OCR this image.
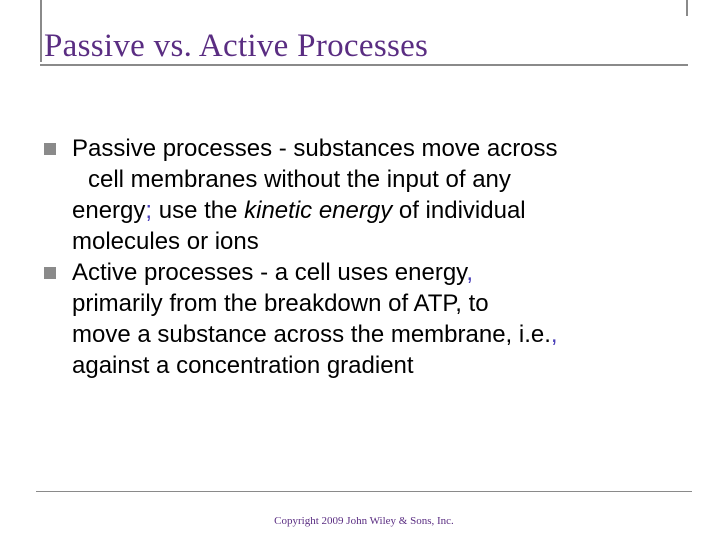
Passive vs. Active Processes
Passive processes - substances move across
cell membranes without the input of any
energy; use the kinetic energy of individual
molecules or ions
Active processes - a cell uses energy,
primarily from the breakdown of ATP, to
move a substance across the membrane, i.e.,
against a concentration gradient
Copyright 2009 John Wiley & Sons, Inc.
